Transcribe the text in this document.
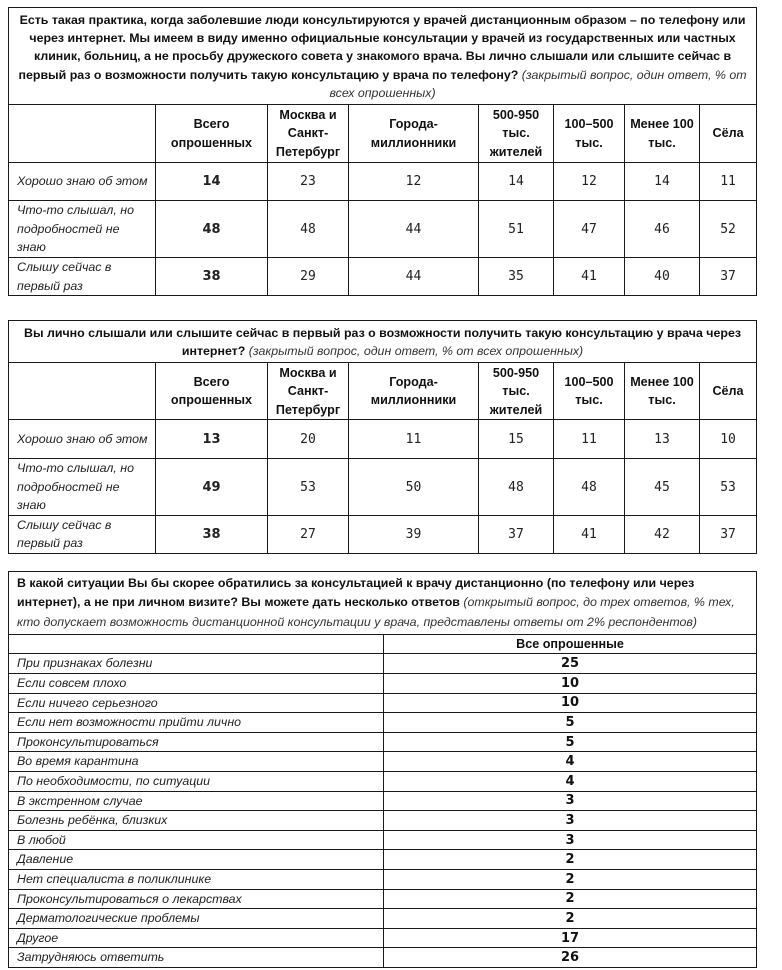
Есть такая практика, когда заболевшие люди консультируются у врачей дистанционным образом – по телефону или через интернет. Мы имеем в виду именно официальные консультации у врачей из государственных или частных клиник, больниц, а не просьбу дружеского совета у знакомого врача. Вы лично слышали или слышите сейчас в первый раз о возможности получить такую консультацию у врача по телефону? (закрытый вопрос, один ответ, % от всех опрошенных)							
	Всего опрошенных	Москва и Санкт-Петербург	Города-миллионники	500-950 тыс. жителей	100–500 тыс.	Менее 100 тыс.	Сёла
Хорошо знаю об этом	14	23	12	14	12	14	11
Что-то слышал, но подробностей не знаю	48	48	44	51	47	46	52
Слышу сейчас в первый раз	38	29	44	35	41	40	37
Вы лично слышали или слышите сейчас в первый раз о возможности получить такую консультацию у врача через интернет? (закрытый вопрос, один ответ, % от всех опрошенных)							
	Всего опрошенных	Москва и Санкт-Петербург	Города-миллионники	500-950 тыс. жителей	100–500 тыс.	Менее 100 тыс.	Сёла
Хорошо знаю об этом	13	20	11	15	11	13	10
Что-то слышал, но подробностей не знаю	49	53	50	48	48	45	53
Слышу сейчас в первый раз	38	27	39	37	41	42	37
В какой ситуации Вы бы скорее обратились за консультацией к врачу дистанционно (по телефону или через интернет), а не при личном визите? Вы можете дать несколько ответов (открытый вопрос, до трех ответов, % тех, кто допускает возможность дистанционной консультации у врача, представлены ответы от 2% респондентов)	
	Все опрошенные
При признаках болезни	25
Если совсем плохо	10
Если ничего серьезного	10
Если нет возможности прийти лично	5
Проконсультироваться	5
Во время карантина	4
По необходимости, по ситуации	4
В экстренном случае	3
Болезнь ребёнка, близких	3
В любой	3
Давление	2
Нет специалиста в поликлинике	2
Проконсультироваться о лекарствах	2
Дерматологические проблемы	2
Другое	17
Затрудняюсь ответить	26
